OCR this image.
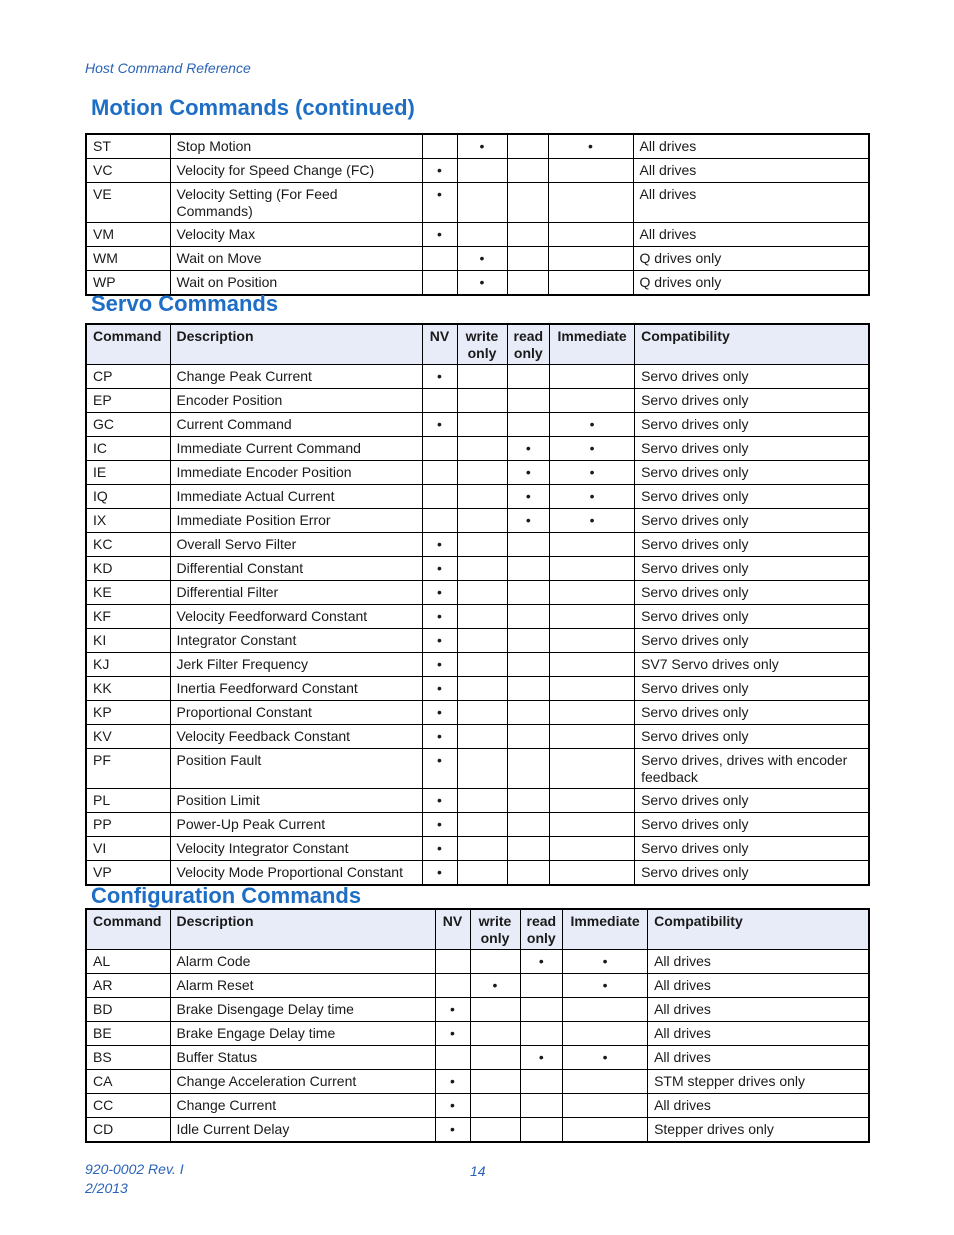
Host Command Reference
Motion Commands (continued)
ST	Stop Motion		•		•	All drives
VC	Velocity for Speed Change (FC)	•				All drives
VE	Velocity Setting (For Feed Commands)	•				All drives
VM	Velocity Max	•				All drives
WM	Wait on Move		•			Q drives only
WP	Wait on Position		•			Q drives only
Servo Commands
Command	Description	NV	write only	read only	Immediate	Compatibility
CP	Change Peak Current	•				Servo drives only
EP	Encoder Position					Servo drives only
GC	Current Command	•			•	Servo drives only
IC	Immediate Current Command			•	•	Servo drives only
IE	Immediate Encoder Position			•	•	Servo drives only
IQ	Immediate Actual Current			•	•	Servo drives only
IX	Immediate Position Error			•	•	Servo drives only
KC	Overall Servo Filter	•				Servo drives only
KD	Differential Constant	•				Servo drives only
KE	Differential Filter	•				Servo drives only
KF	Velocity Feedforward Constant	•				Servo drives only
KI	Integrator Constant	•				Servo drives only
KJ	Jerk Filter Frequency	•				SV7 Servo drives only
KK	Inertia Feedforward Constant	•				Servo drives only
KP	Proportional Constant	•				Servo drives only
KV	Velocity Feedback Constant	•				Servo drives only
PF	Position Fault	•				Servo drives, drives with encoder feedback
PL	Position Limit	•				Servo drives only
PP	Power-Up Peak Current	•				Servo drives only
VI	Velocity Integrator Constant	•				Servo drives only
VP	Velocity Mode Proportional Constant	•				Servo drives only
Configuration Commands
Command	Description	NV	write only	read only	Immediate	Compatibility
AL	Alarm Code			•	•	All drives
AR	Alarm Reset		•		•	All drives
BD	Brake Disengage Delay time	•				All drives
BE	Brake Engage Delay time	•				All drives
BS	Buffer Status			•	•	All drives
CA	Change Acceleration Current	•				STM stepper drives only
CC	Change Current	•				All drives
CD	Idle Current Delay	•				Stepper drives only
920-0002 Rev. I
2/2013
14
